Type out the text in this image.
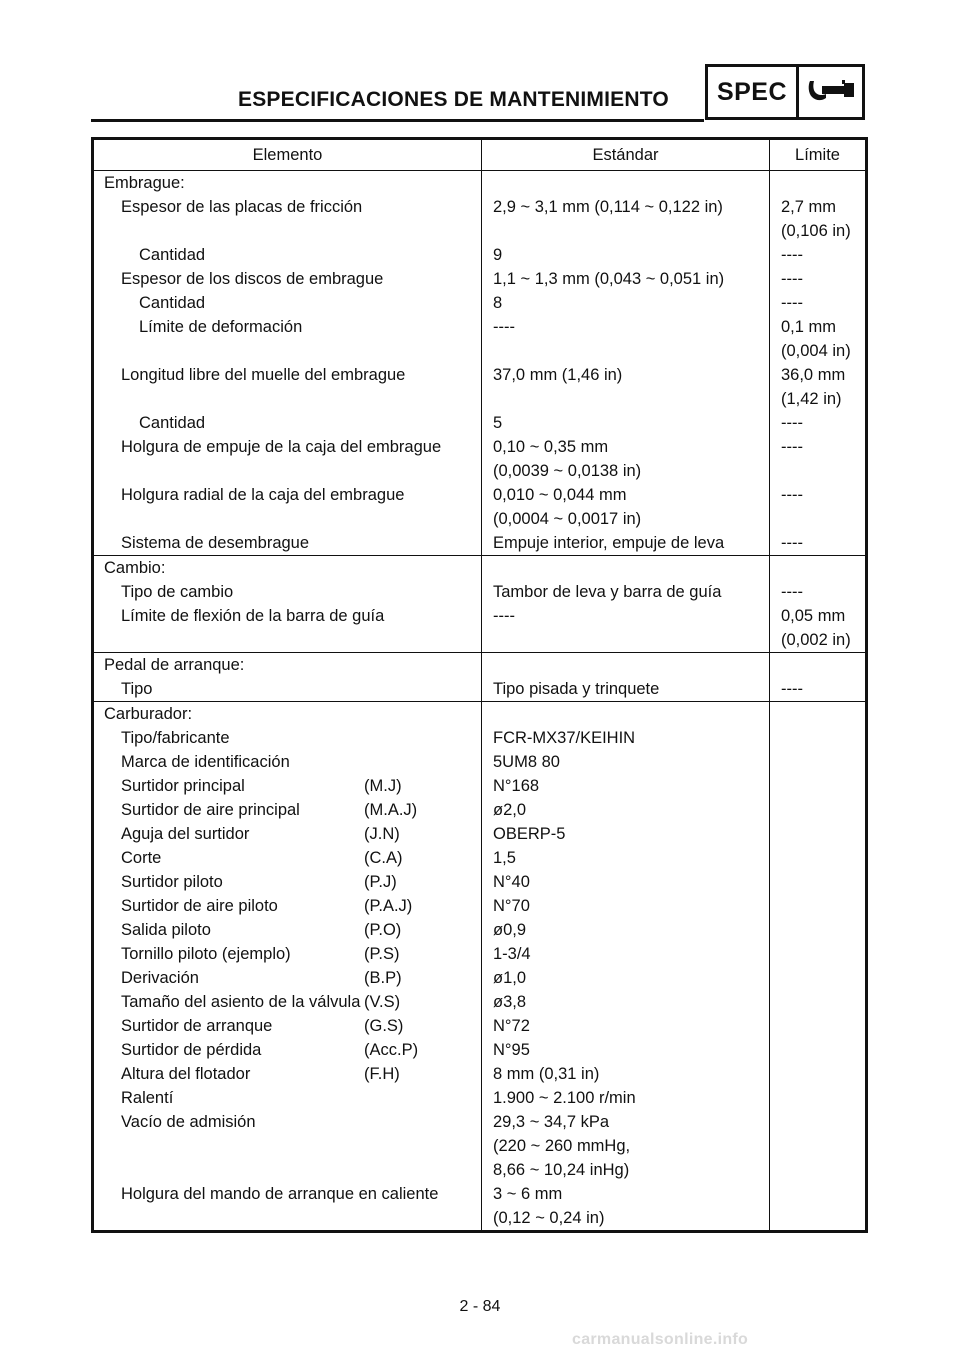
ESPECIFICACIONES DE MANTENIMIENTO	SPEC
Elemento	Estándar	Límite

Embrague:		

Espesor de las placas de fricción	2,9 ~ 3,1 mm (0,114 ~ 0,122 in)	2,7 mm
(0,106 in)

Cantidad	9	----

Espesor de los discos de embrague	1,1 ~ 1,3 mm (0,043 ~ 0,051 in)	----

Cantidad	8	----

Límite de deformación	----	0,1 mm
(0,004 in)

Longitud libre del muelle del embrague	37,0 mm (1,46 in)	36,0 mm
(1,42 in)

Cantidad	5	----

Holgura de empuje de la caja del embrague	0,10 ~ 0,35 mm
(0,0039 ~ 0,0138 in)	----

Holgura radial de la caja del embrague	0,010 ~ 0,044 mm
(0,0004 ~ 0,0017 in)	----

Sistema de desembrague	Empuje interior, empuje de leva	----

Cambio:		

Tipo de cambio	Tambor de leva y barra de guía	----

Límite de flexión de la barra de guía	----	0,05 mm
(0,002 in)

Pedal de arranque:		

Tipo	Tipo pisada y trinquete	----

Carburador:		

Tipo/fabricante	FCR-MX37/KEIHIN	

Marca de identificación	5UM8 80	

Surtidor principal (M.J)	N°168	

Surtidor de aire principal (M.A.J)	ø2,0	

Aguja del surtidor (J.N)	OBERP-5	

Corte (C.A)	1,5	

Surtidor piloto (P.J)	N°40	

Surtidor de aire piloto (P.A.J)	N°70	

Salida piloto (P.O)	ø0,9	

Tornillo piloto (ejemplo) (P.S)	1-3/4	

Derivación (B.P)	ø1,0	

Tamaño del asiento de la válvula (V.S)	ø3,8	

Surtidor de arranque (G.S)	N°72	

Surtidor de pérdida (Acc.P)	N°95	

Altura del flotador (F.H)	8 mm (0,31 in)	

Ralentí	1.900 ~ 2.100 r/min	

Vacío de admisión	29,3 ~ 34,7 kPa
(220 ~ 260 mmHg,
8,66 ~ 10,24 inHg)	

Holgura del mando de arranque en caliente	3 ~ 6 mm
(0,12 ~ 0,24 in)	

2 - 84
carmanualsonline.info
